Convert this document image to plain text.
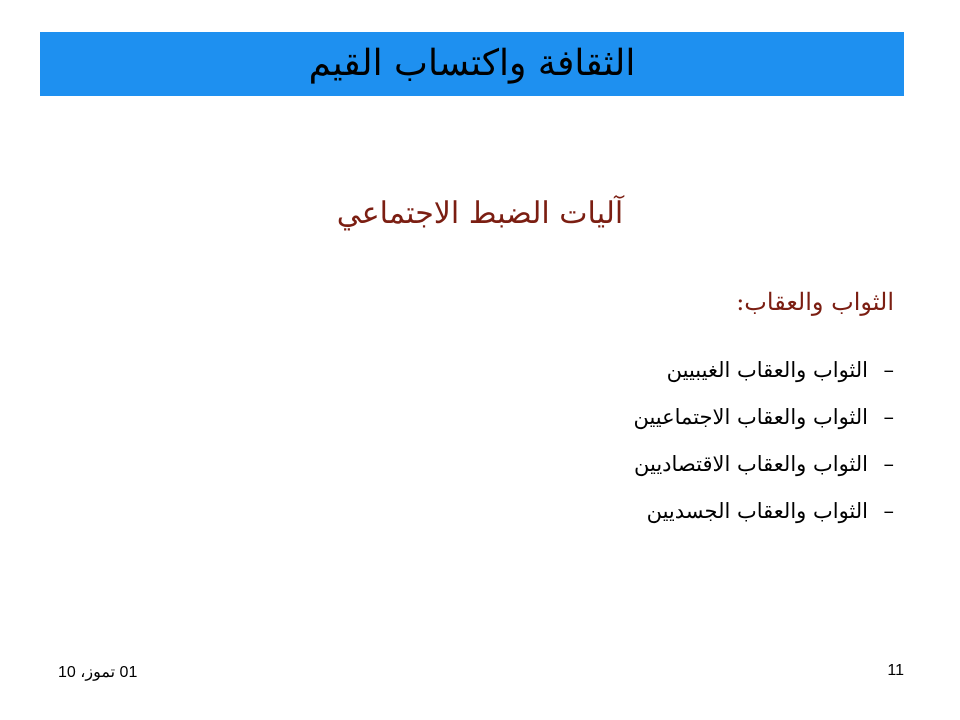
الثقافة واكتساب القيم
آليات الضبط الاجتماعي
الثواب والعقاب:
–
الثواب والعقاب الغيبيين
–
الثواب والعقاب الاجتماعيين
–
الثواب والعقاب الاقتصاديين
–
الثواب والعقاب الجسديين
01 تموز، 10	11
